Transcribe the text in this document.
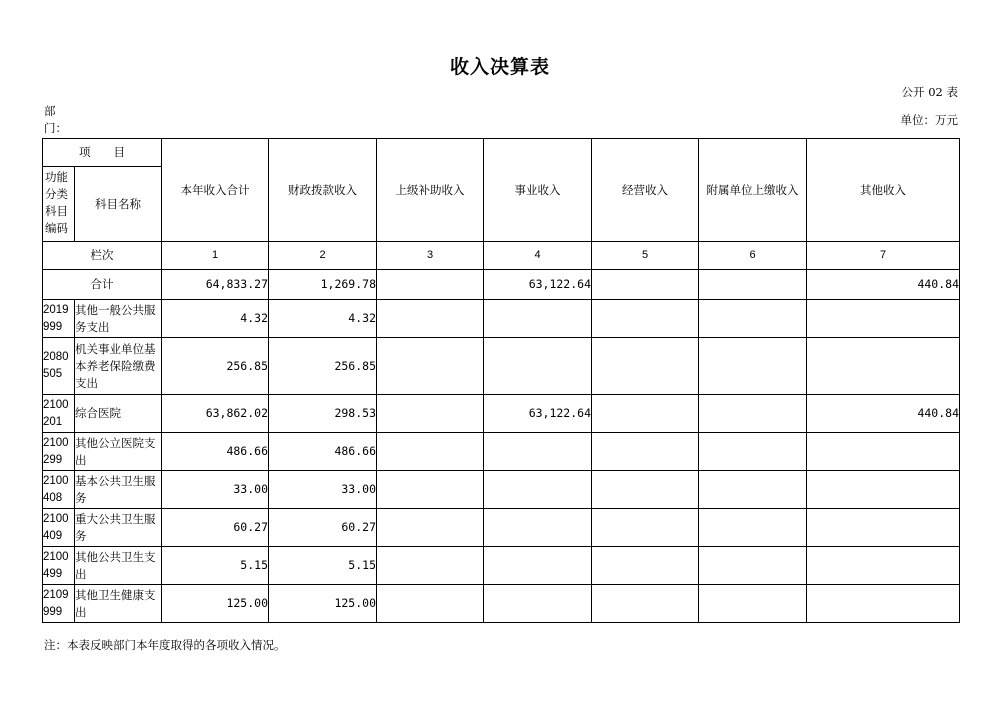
收入决算表
公开 02 表
部门：
单位：万元
项　　目		本年收入合计	财政拨款收入	上级补助收入	事业收入	经营收入	附属单位上缴收入	其他收入
功能分类科目编码	科目名称							
栏次		1	2	3	4	5	6	7
合计		64,833.27	1,269.78		63,122.64			440.84
2019999	其他一般公共服务支出	4.32	4.32					
2080505	机关事业单位基本养老保险缴费支出	256.85	256.85					
2100201	综合医院	63,862.02	298.53		63,122.64			440.84
2100299	其他公立医院支出	486.66	486.66					
2100408	基本公共卫生服务	33.00	33.00					
2100409	重大公共卫生服务	60.27	60.27					
2100499	其他公共卫生支出	5.15	5.15					
2109999	其他卫生健康支出	125.00	125.00					
注：本表反映部门本年度取得的各项收入情况。
